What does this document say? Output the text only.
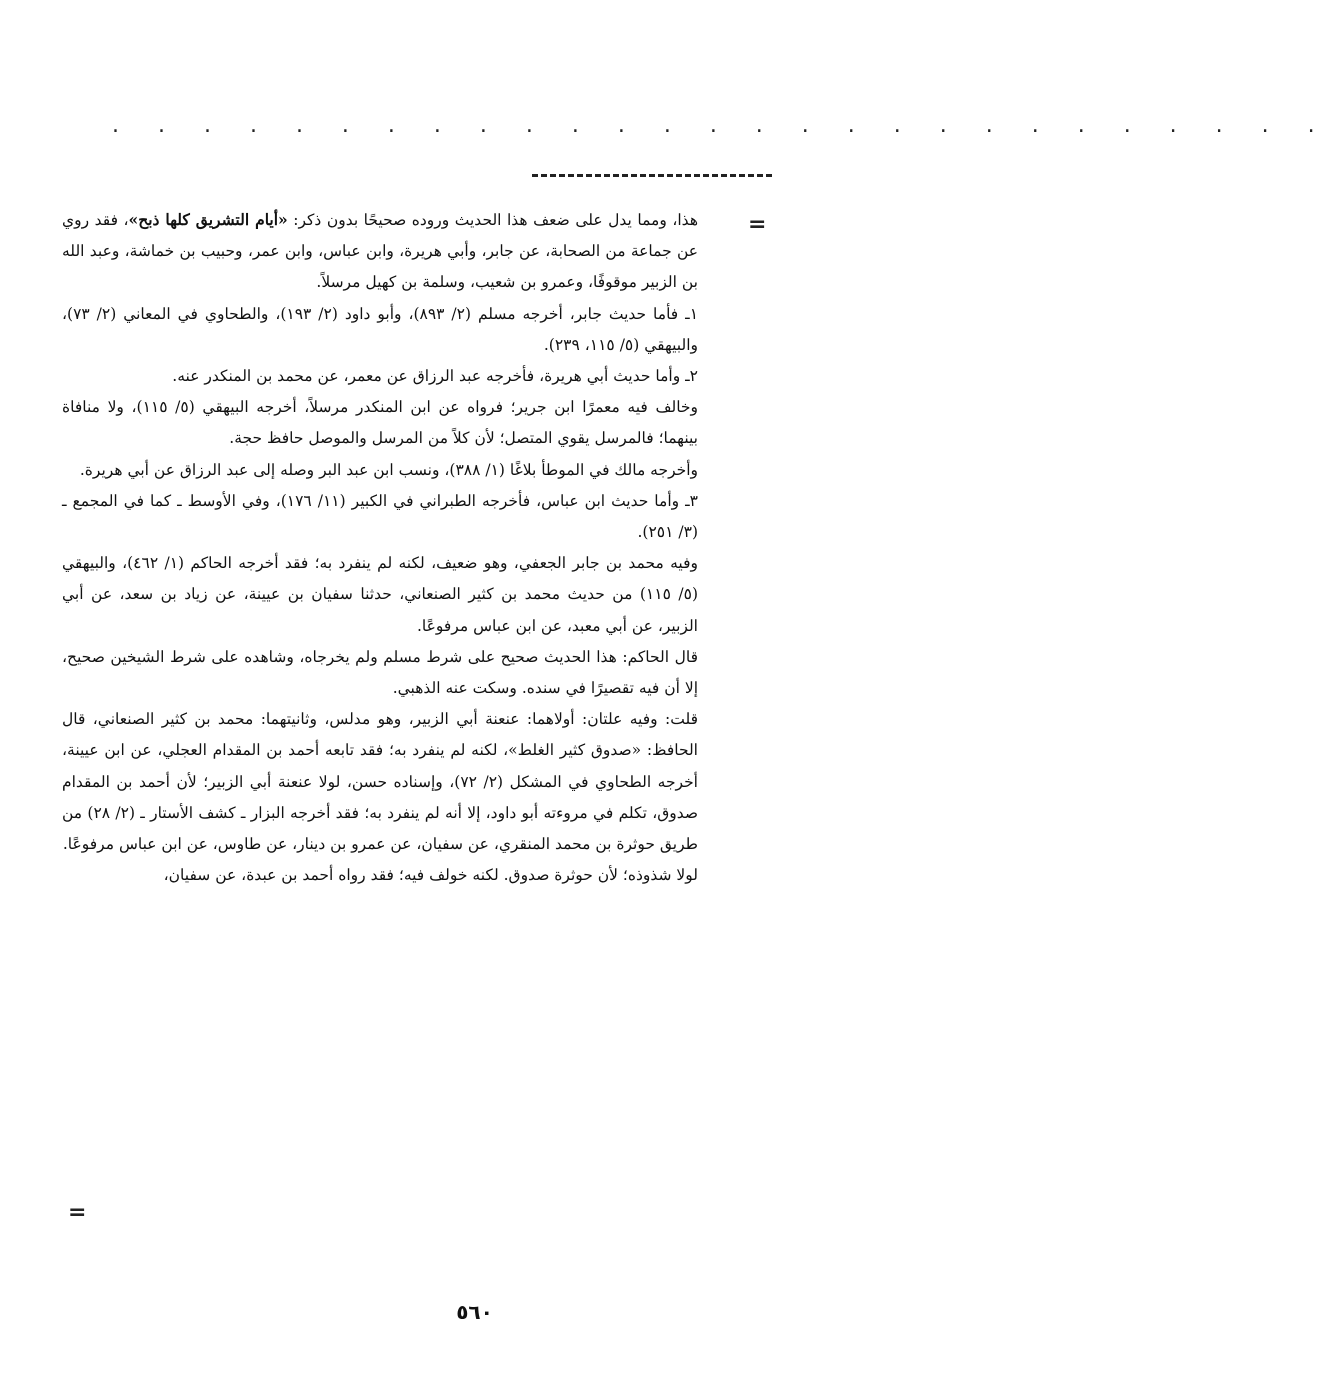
. . . . . . . . . . . . . . . . . . . . . . . . . . .
=

هذا، ومما يدل على ضعف هذا الحديث وروده صحيحًا بدون ذكر: «أيام التشريق كلها ذبح»، فقد روي عن جماعة من الصحابة، عن جابر، وأبي هريرة، وابن عباس، وابن عمر، وحبيب بن خماشة، وعبد الله بن الزبير موقوفًا، وعمرو بن شعيب، وسلمة بن كهيل مرسلاً.

١ـ فأما حديث جابر، أخرجه مسلم (٢/ ٨٩٣)، وأبو داود (٢/ ١٩٣)، والطحاوي في المعاني (٢/ ٧٣)، والبيهقي (٥/ ١١٥، ٢٣٩).

٢ـ وأما حديث أبي هريرة، فأخرجه عبد الرزاق عن معمر، عن محمد بن المنكدر عنه.

وخالف فيه معمرًا ابن جرير؛ فرواه عن ابن المنكدر مرسلاً، أخرجه البيهقي (٥/ ١١٥)، ولا منافاة بينهما؛ فالمرسل يقوي المتصل؛ لأن كلاً من المرسل والموصل حافظ حجة.

وأخرجه مالك في الموطأ بلاغًا (١/ ٣٨٨)، ونسب ابن عبد البر وصله إلى عبد الرزاق عن أبي هريرة.

٣ـ وأما حديث ابن عباس، فأخرجه الطبراني في الكبير (١١/ ١٧٦)، وفي الأوسط ـ كما في المجمع ـ (٣/ ٢٥١).

وفيه محمد بن جابر الجعفي، وهو ضعيف، لكنه لم ينفرد به؛ فقد أخرجه الحاكم (١/ ٤٦٢)، والبيهقي (٥/ ١١٥) من حديث محمد بن كثير الصنعاني، حدثنا سفيان بن عيينة، عن زياد بن سعد، عن أبي الزبير، عن أبي معبد، عن ابن عباس مرفوعًا.

قال الحاكم: هذا الحديث صحيح على شرط مسلم ولم يخرجاه، وشاهده على شرط الشيخين صحيح، إلا أن فيه تقصيرًا في سنده. وسكت عنه الذهبي.

قلت: وفيه علتان: أولاهما: عنعنة أبي الزبير، وهو مدلس، وثانيتهما: محمد بن كثير الصنعاني، قال الحافظ: «صدوق كثير الغلط»، لكنه لم ينفرد به؛ فقد تابعه أحمد بن المقدام العجلي، عن ابن عيينة، أخرجه الطحاوي في المشكل (٢/ ٧٢)، وإسناده حسن، لولا عنعنة أبي الزبير؛ لأن أحمد بن المقدام صدوق، تكلم في مروءته أبو داود، إلا أنه لم ينفرد به؛ فقد أخرجه البزار ـ كشف الأستار ـ (٢/ ٢٨) من طريق حوثرة بن محمد المنقري، عن سفيان، عن عمرو بن دينار، عن طاوس، عن ابن عباس مرفوعًا.

لولا شذوذه؛ لأن حوثرة صدوق. لكنه خولف فيه؛ فقد رواه أحمد بن عبدة، عن سفيان،

=
٥٦٠
